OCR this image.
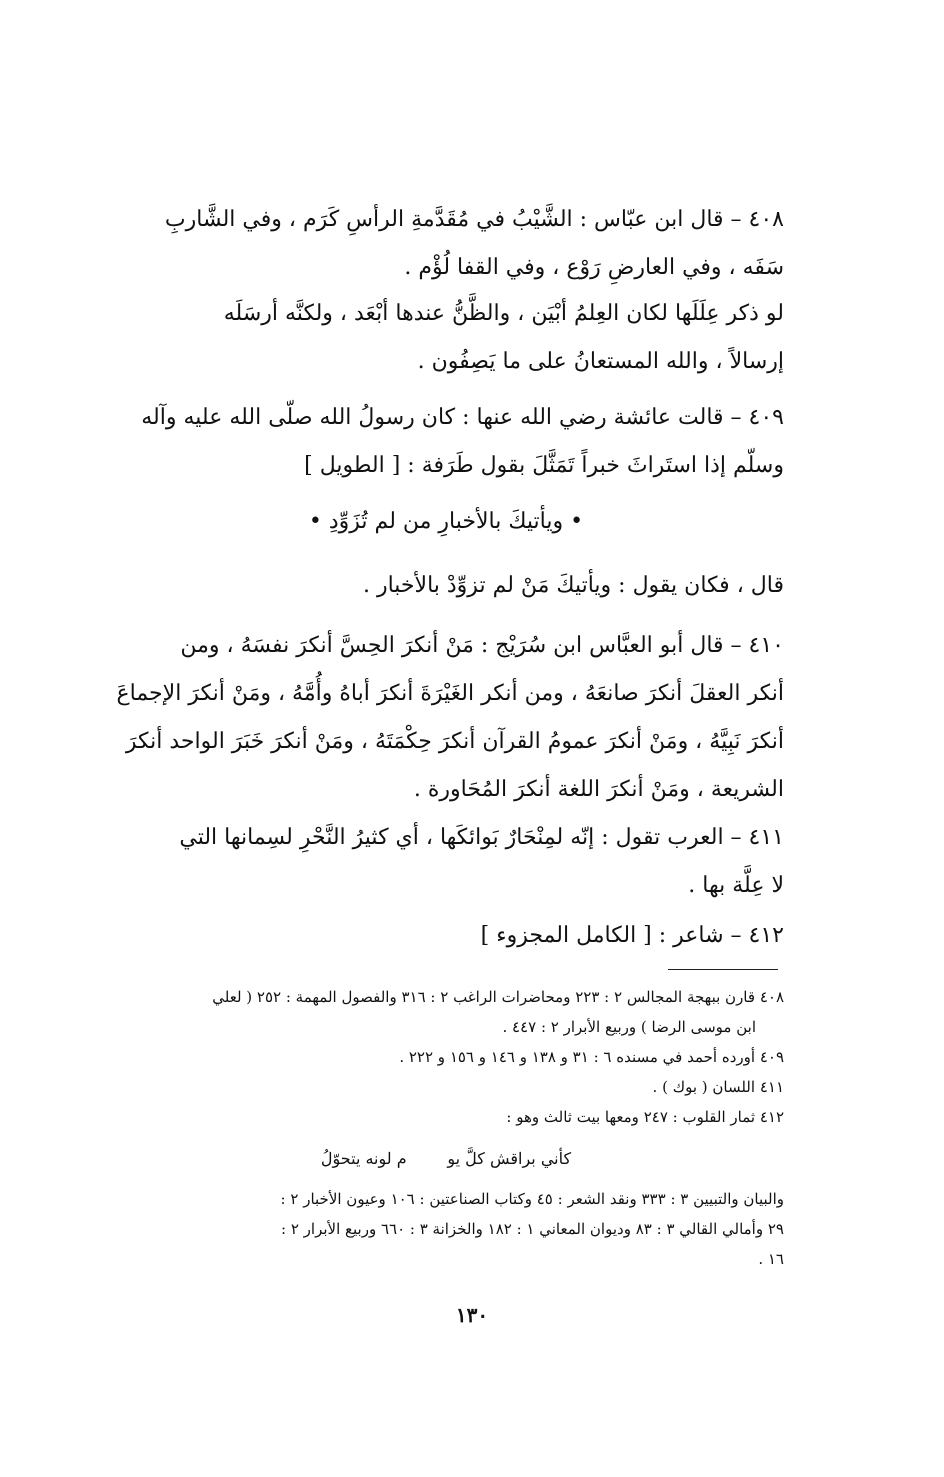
٤٠٨ – قال ابن عبّاس : الشَّيْبُ في مُقَدَّمةِ الرأسِ كَرَم ، وفي الشَّاربِ
سَفَه ، وفي العارضِ رَوْع ، وفي القفا لُؤْم .
لو ذكر عِلَلَها لكان العِلمُ أبْيَن ، والظَّنُّ عندها أبْعَد ، ولكنَّه أرسَلَه
إرسالاً ، والله المستعانُ على ما يَصِفُون .
٤٠٩ – قالت عائشة رضي الله عنها : كان رسولُ الله صلّى الله عليه وآله
وسلّم إذا استَراثَ خبراً تَمَثَّلَ بقول طَرَفة : [ الطويل ]
• ويأتيكَ بالأخبارِ من لم تُزَوِّدِ •
قال ، فكان يقول : ويأتيكَ مَنْ لم تزوِّدْ بالأخبار .
٤١٠ – قال أبو العبَّاس ابن سُرَيْج : مَنْ أنكرَ الحِسَّ أنكرَ نفسَهُ ، ومن
أنكر العقلَ أنكرَ صانعَهُ ، ومن أنكر الغَيْرَةَ أنكرَ أباهُ وأُمَّهُ ، ومَنْ أنكرَ الإجماعَ
أنكرَ نَبِيَّهُ ، ومَنْ أنكرَ عمومُ القرآن أنكرَ حِكْمَتَهُ ، ومَنْ أنكرَ خَبَرَ الواحد أنكرَ
الشريعة ، ومَنْ أنكرَ اللغة أنكرَ المُحَاورة .
٤١١ – العرب تقول : إنّه لمِنْحَارٌ بَوائكَها ، أي كثيرُ النَّحْرِ لسِمانها التي
لا عِلَّة بها .
٤١٢ – شاعر : [ الكامل المجزوء ]
٤٠٨ قارن ببهجة المجالس ٢ : ٢٢٣ ومحاضرات الراغب ٢ : ٣١٦ والفصول المهمة : ٢٥٢ ( لعلي
ابن موسى الرضا ) وربيع الأبرار ٢ : ٤٤٧ .
٤٠٩ أورده أحمد في مسنده ٦ : ٣١ و ١٣٨ و ١٤٦ و ١٥٦ و ٢٢٢ .
٤١١ اللسان ( بوك ) .
٤١٢ ثمار القلوب : ٢٤٧ ومعها بيت ثالث وهو :
كأني براقش كلَّ يو        م لونه يتحوّلُ
والبيان والتبيين ٣ : ٣٣٣ ونقد الشعر : ٤٥ وكتاب الصناعتين : ١٠٦ وعيون الأخبار ٢ :
٢٩ وأمالي القالي ٣ : ٨٣ وديوان المعاني ١ : ١٨٢ والخزانة ٣ : ٦٦٠ وربيع الأبرار ٢ :
١٦ .
١٣٠
